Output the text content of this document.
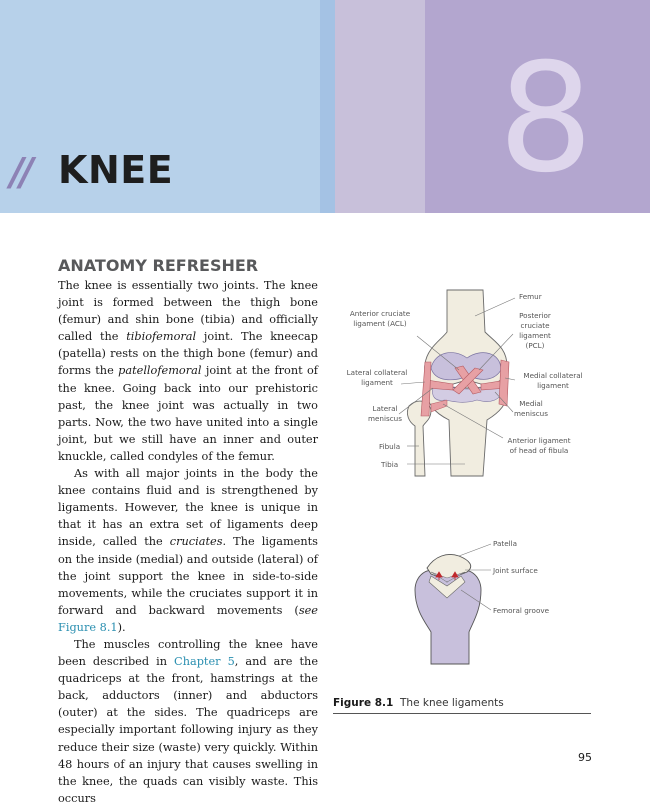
8
// KNEE
ANATOMY REFRESHER

The knee is essentially two joints. The knee joint is formed between the thigh bone (femur) and shin bone (tibia) and officially called the tibiofemoral joint. The kneecap (patella) rests on the thigh bone (femur) and forms the patellofemoral joint at the front of the knee. Going back into our prehistoric past, the knee joint was actually in two parts. Now, the two have united into a single joint, but we still have an inner and outer knuckle, called condyles of the femur.

As with all major joints in the body the knee contains fluid and is strengthened by ligaments. However, the knee is unique in that it has an extra set of ligaments deep inside, called the cruciates. The ligaments on the inside (medial) and outside (lateral) of the joint support the knee in side-to-side movements, while the cruciates support it in forward and backward movements (see Figure 8.1).

The muscles controlling the knee have been described in Chapter 5, and are the quadriceps at the front, hamstrings at the back, adductors (inner) and abductors (outer) at the sides. The quadriceps are especially important following injury as they reduce their size (waste) very quickly. Within 48 hours of an injury that causes swelling in the knee, the quads can visibly waste. This occurs

Femur
Anterior cruciate
ligament (ACL)
Posterior
cruciate
ligament
(PCL)
Lateral collateral
ligament
Medial collateral
ligament
Lateral
meniscus
Medial
meniscus
Anterior ligament
of head of fibula
Fibula
Tibia
Patella
Joint surface
Femoral groove
Figure 8.1 The knee ligaments
95
